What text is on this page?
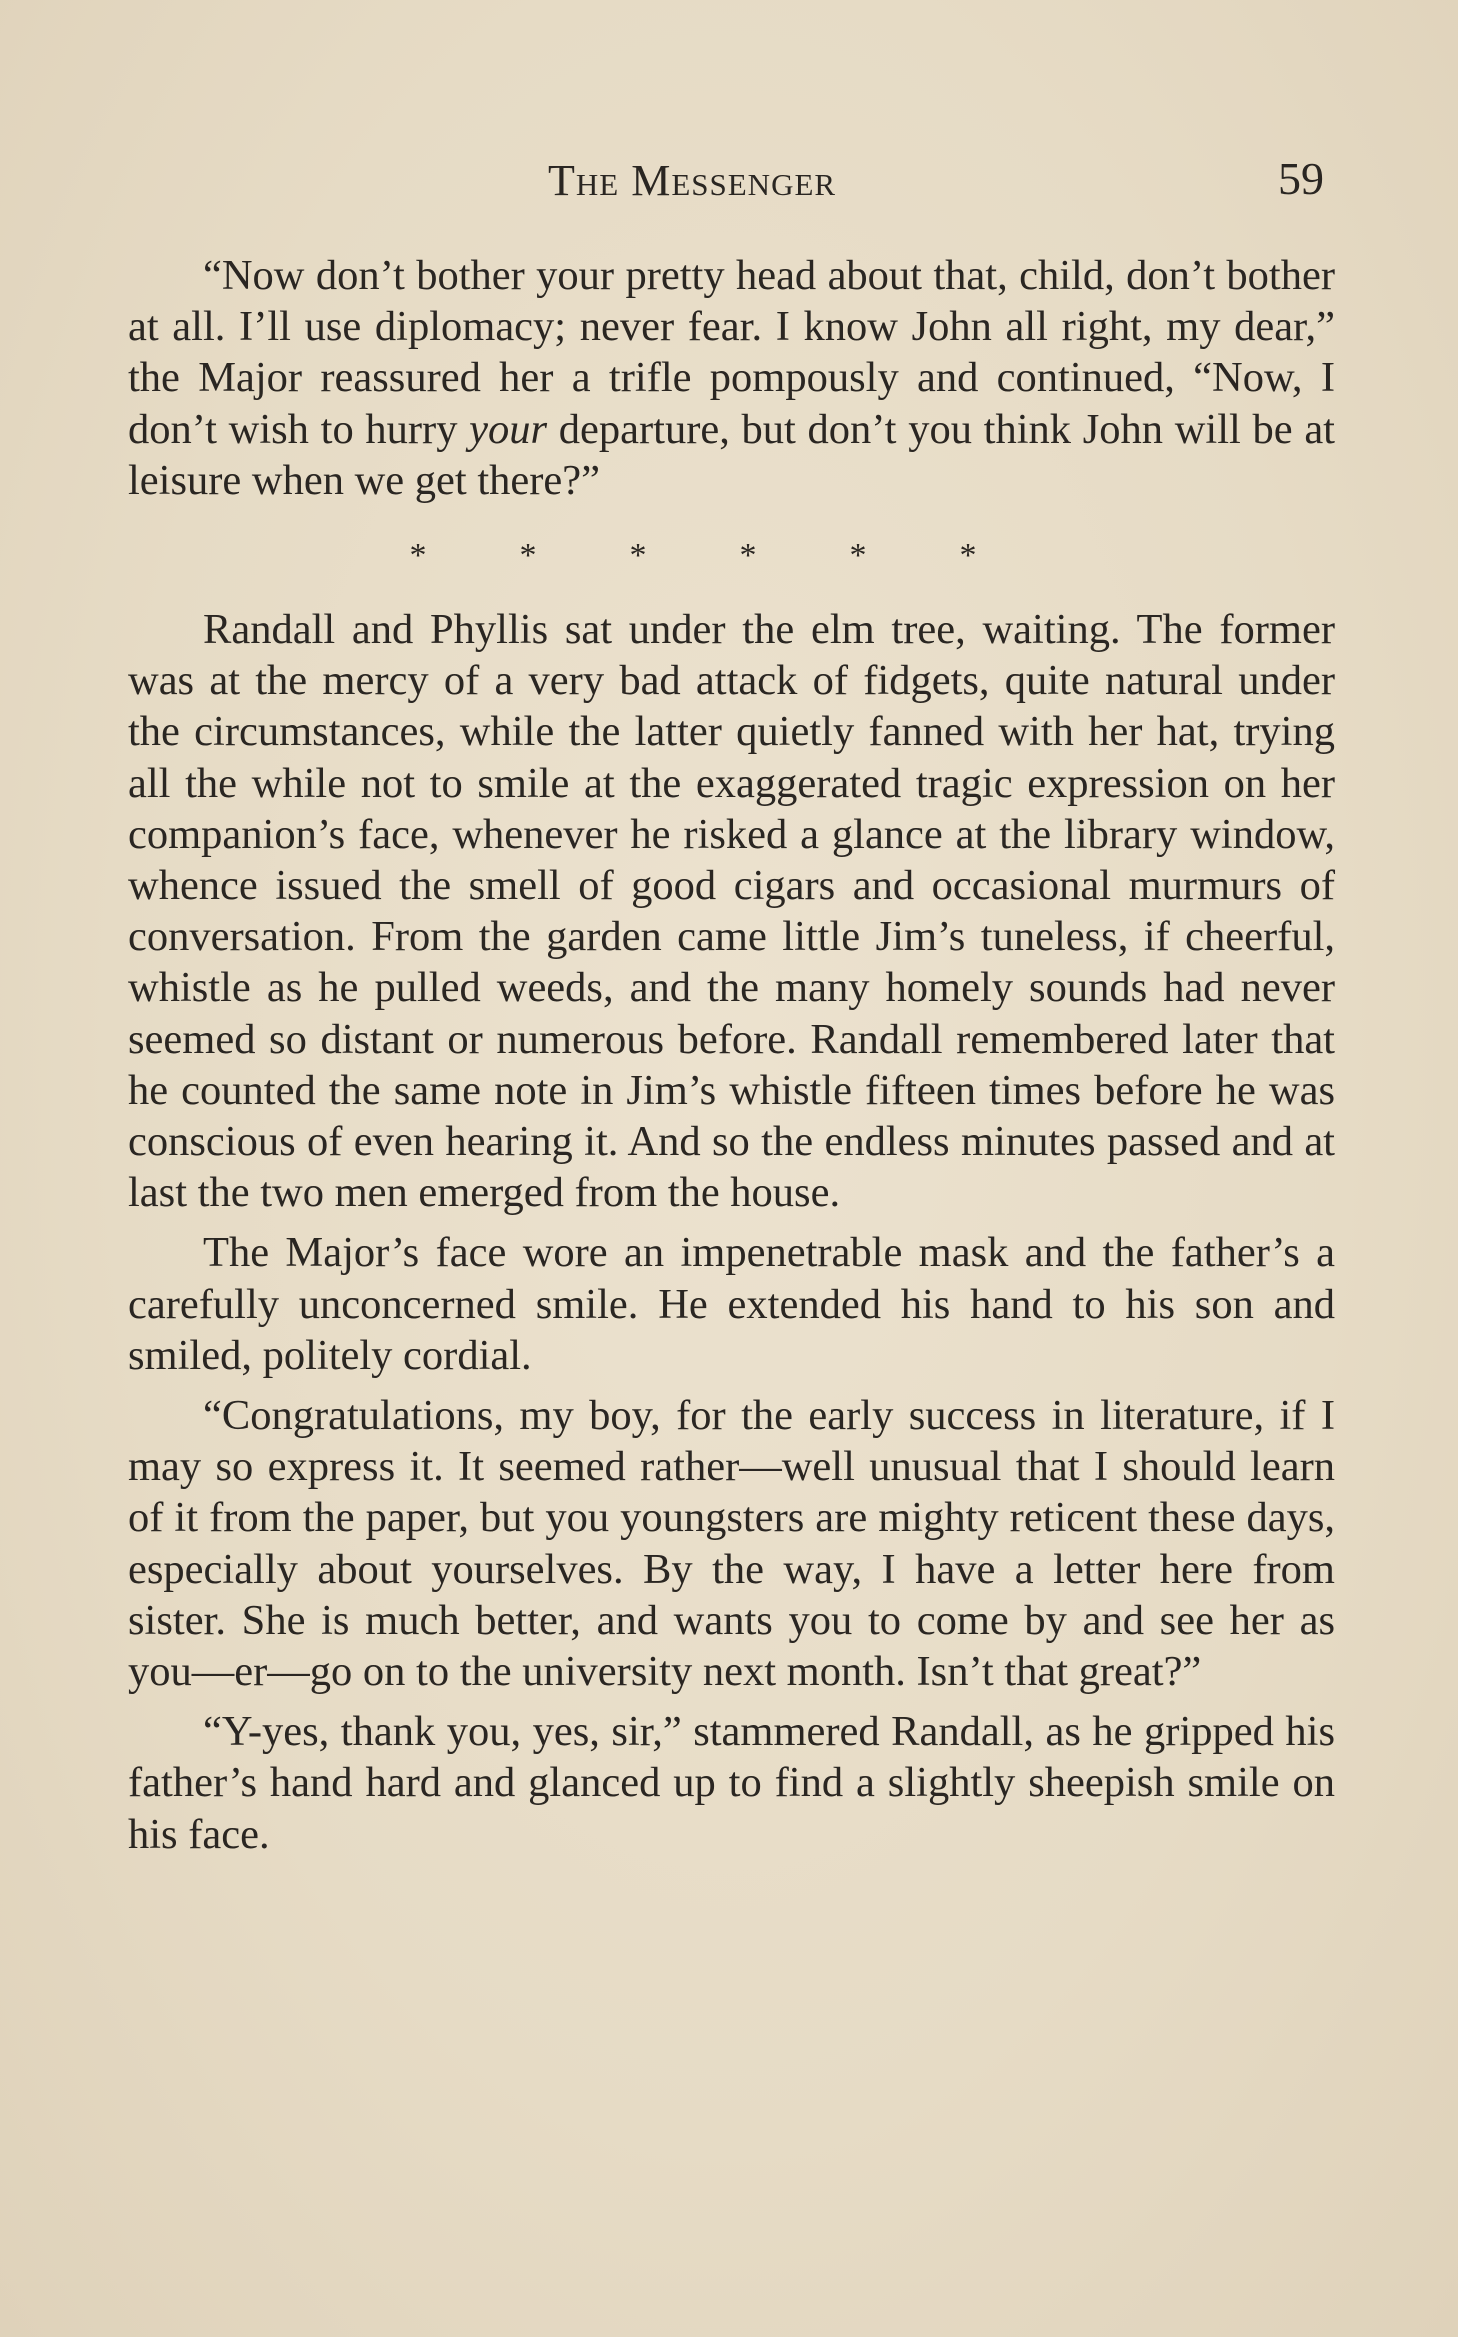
The Messenger	59

“Now don’t bother your pretty head about that, child, don’t bother at all. I’ll use diplomacy; never fear. I know John all right, my dear,” the Major reassured her a trifle pompously and continued, “Now, I don’t wish to hurry your departure, but don’t you think John will be at leisure when we get there?”

*	*	*	*	*	*

Randall and Phyllis sat under the elm tree, waiting. The former was at the mercy of a very bad attack of fidgets, quite natural under the circumstances, while the latter quietly fanned with her hat, trying all the while not to smile at the exaggerated tragic expression on her companion’s face, whenever he risked a glance at the library window, whence issued the smell of good cigars and occasional murmurs of conversation. From the garden came little Jim’s tuneless, if cheerful, whistle as he pulled weeds, and the many homely sounds had never seemed so distant or numerous before. Randall remembered later that he counted the same note in Jim’s whistle fifteen times before he was conscious of even hearing it. And so the endless minutes passed and at last the two men emerged from the house.

The Major’s face wore an impenetrable mask and the father’s a carefully unconcerned smile. He extended his hand to his son and smiled, politely cordial.

“Congratulations, my boy, for the early success in literature, if I may so express it. It seemed rather—well unusual that I should learn of it from the paper, but you youngsters are mighty reticent these days, especially about yourselves. By the way, I have a letter here from sister. She is much better, and wants you to come by and see her as you—er—go on to the university next month. Isn’t that great?”

“Y-yes, thank you, yes, sir,” stammered Randall, as he gripped his father’s hand hard and glanced up to find a slightly sheepish smile on his face.
